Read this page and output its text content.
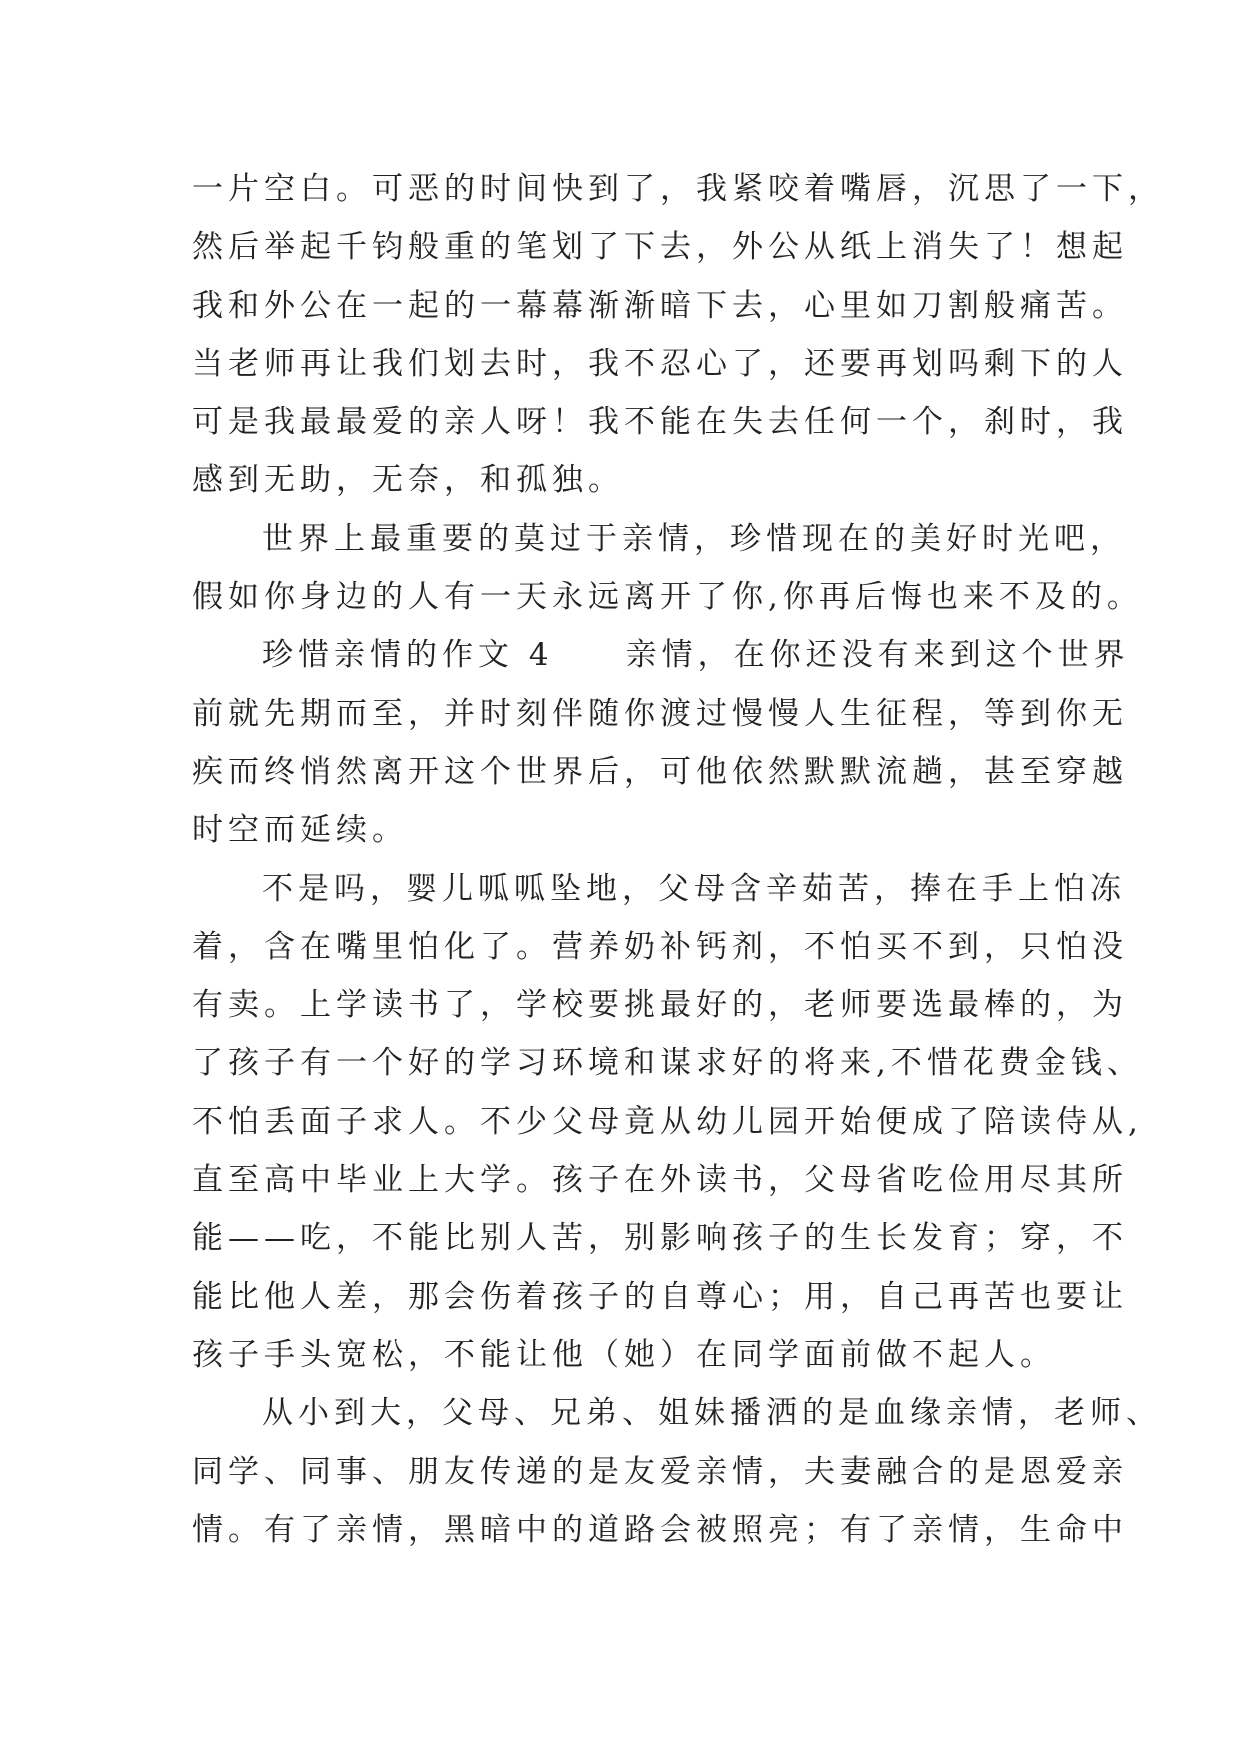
一片空白。可恶的时间快到了，我紧咬着嘴唇，沉思了一下，
然后举起千钧般重的笔划了下去，外公从纸上消失了！想起
我和外公在一起的一幕幕渐渐暗下去，心里如刀割般痛苦。
当老师再让我们划去时，我不忍心了，还要再划吗剩下的人
可是我最最爱的亲人呀！我不能在失去任何一个，刹时，我
感到无助，无奈，和孤独。
世界上最重要的莫过于亲情，珍惜现在的美好时光吧，
假如你身边的人有一天永远离开了你,你再后悔也来不及的。
珍惜亲情的作文 4　　亲情，在你还没有来到这个世界
前就先期而至，并时刻伴随你渡过慢慢人生征程，等到你无
疾而终悄然离开这个世界后，可他依然默默流趟，甚至穿越
时空而延续。
不是吗，婴儿呱呱坠地，父母含辛茹苦，捧在手上怕冻
着，含在嘴里怕化了。营养奶补钙剂，不怕买不到，只怕没
有卖。上学读书了，学校要挑最好的，老师要选最棒的，为
了孩子有一个好的学习环境和谋求好的将来,不惜花费金钱、
不怕丢面子求人。不少父母竟从幼儿园开始便成了陪读侍从,
直至高中毕业上大学。孩子在外读书，父母省吃俭用尽其所
能——吃，不能比别人苦，别影响孩子的生长发育；穿，不
能比他人差，那会伤着孩子的自尊心；用，自己再苦也要让
孩子手头宽松，不能让他（她）在同学面前做不起人。
从小到大，父母、兄弟、姐妹播洒的是血缘亲情，老师、
同学、同事、朋友传递的是友爱亲情，夫妻融合的是恩爱亲
情。有了亲情，黑暗中的道路会被照亮；有了亲情，生命中
